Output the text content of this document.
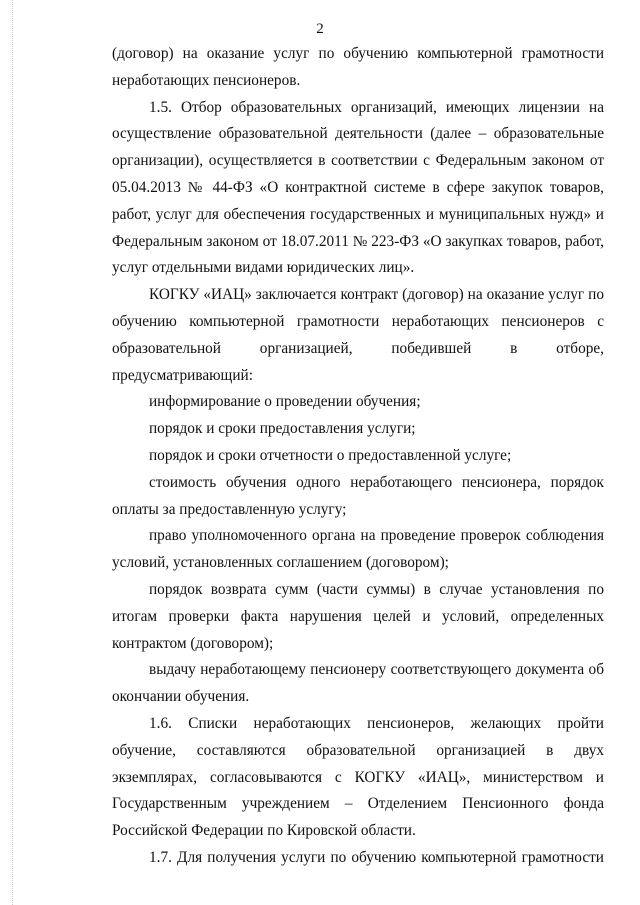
2

(договор) на оказание услуг по обучению компьютерной грамотности неработающих пенсионеров.

1.5. Отбор образовательных организаций, имеющих лицензии на осуществление образовательной деятельности (далее – образовательные организации), осуществляется в соответствии с Федеральным законом от 05.04.2013 № 44-ФЗ «О контрактной системе в сфере закупок товаров, работ, услуг для обеспечения государственных и муниципальных нужд» и Федеральным законом от 18.07.2011 № 223-ФЗ «О закупках товаров, работ, услуг отдельными видами юридических лиц».

КОГКУ «ИАЦ» заключается контракт (договор) на оказание услуг по обучению компьютерной грамотности неработающих пенсионеров с образовательной организацией, победившей в отборе, предусматривающий:

информирование о проведении обучения;

порядок и сроки предоставления услуги;

порядок и сроки отчетности о предоставленной услуге;

стоимость обучения одного неработающего пенсионера, порядок оплаты за предоставленную услугу;

право уполномоченного органа на проведение проверок соблюдения условий, установленных соглашением (договором);

порядок возврата сумм (части суммы) в случае установления по итогам проверки факта нарушения целей и условий, определенных контрактом (договором);

выдачу неработающему пенсионеру соответствующего документа об окончании обучения.

1.6. Списки неработающих пенсионеров, желающих пройти обучение, составляются образовательной организацией в двух экземплярах, согласовываются с КОГКУ «ИАЦ», министерством и Государственным учреждением – Отделением Пенсионного фонда Российской Федерации по Кировской области.

1.7. Для получения услуги по обучению компьютерной грамотности
